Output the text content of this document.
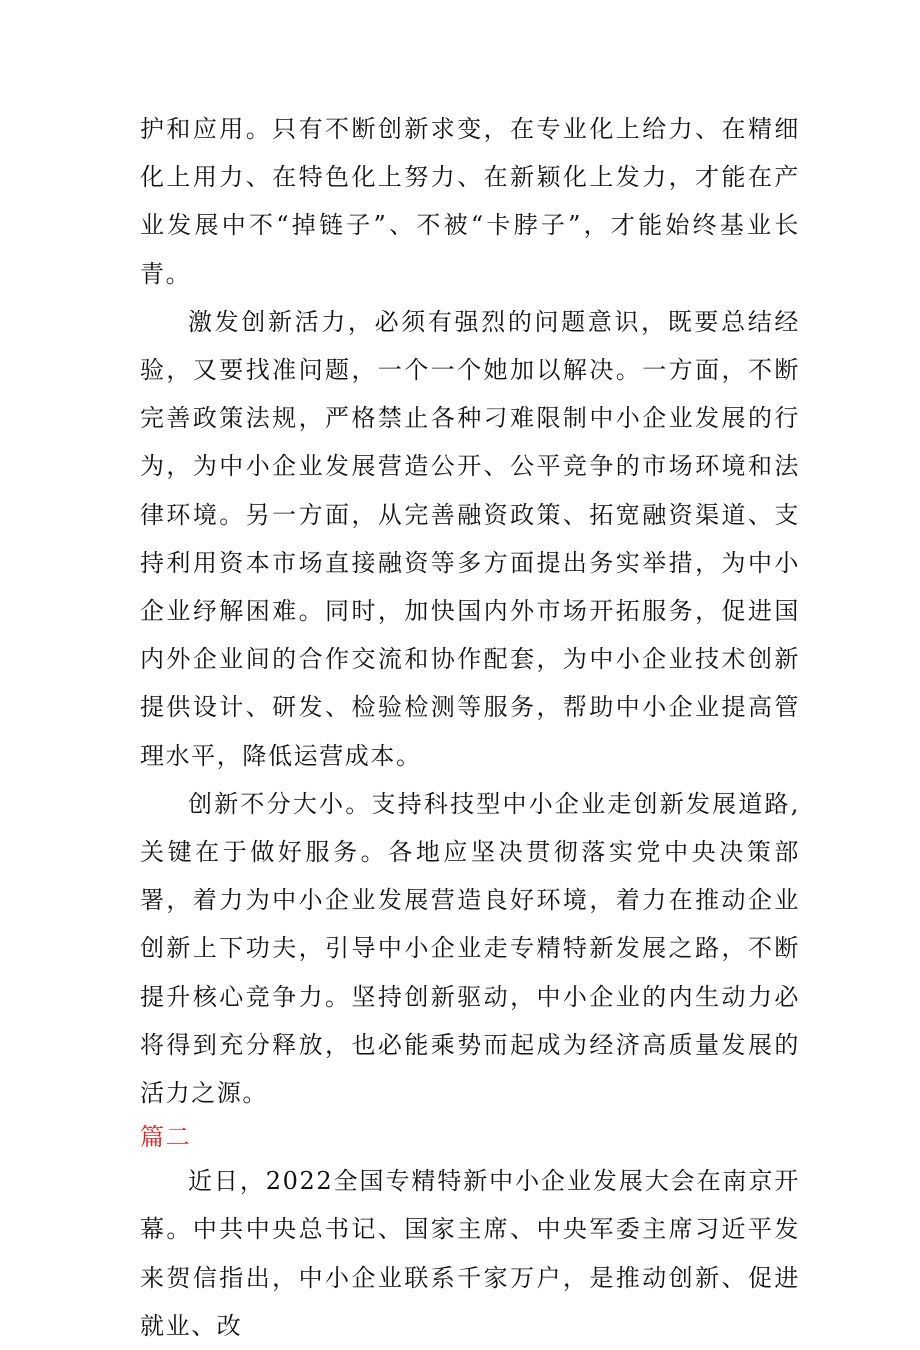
护和应用。只有不断创新求变，在专业化上给力、在精细化上用力、在特色化上努力、在新颖化上发力，才能在产业发展中不“掉链子”、不被“卡脖子”，才能始终基业长青。

激发创新活力，必须有强烈的问题意识，既要总结经验，又要找准问题，一个一个她加以解决。一方面，不断完善政策法规，严格禁止各种刁难限制中小企业发展的行为，为中小企业发展营造公开、公平竞争的市场环境和法律环境。另一方面，从完善融资政策、拓宽融资渠道、支持利用资本市场直接融资等多方面提出务实举措，为中小企业纾解困难。同时，加快国内外市场开拓服务，促进国内外企业间的合作交流和协作配套，为中小企业技术创新提供设计、研发、检验检测等服务，帮助中小企业提高管理水平，降低运营成本。

创新不分大小。支持科技型中小企业走创新发展道路,关键在于做好服务。各地应坚决贯彻落实党中央决策部署，着力为中小企业发展营造良好环境，着力在推动企业创新上下功夫，引导中小企业走专精特新发展之路，不断提升核心竞争力。坚持创新驱动，中小企业的内生动力必将得到充分释放，也必能乘势而起成为经济高质量发展的活力之源。

篇二

近日，2022全国专精特新中小企业发展大会在南京开幕。中共中央总书记、国家主席、中央军委主席习近平发来贺信指出，中小企业联系千家万户，是推动创新、促进就业、改
